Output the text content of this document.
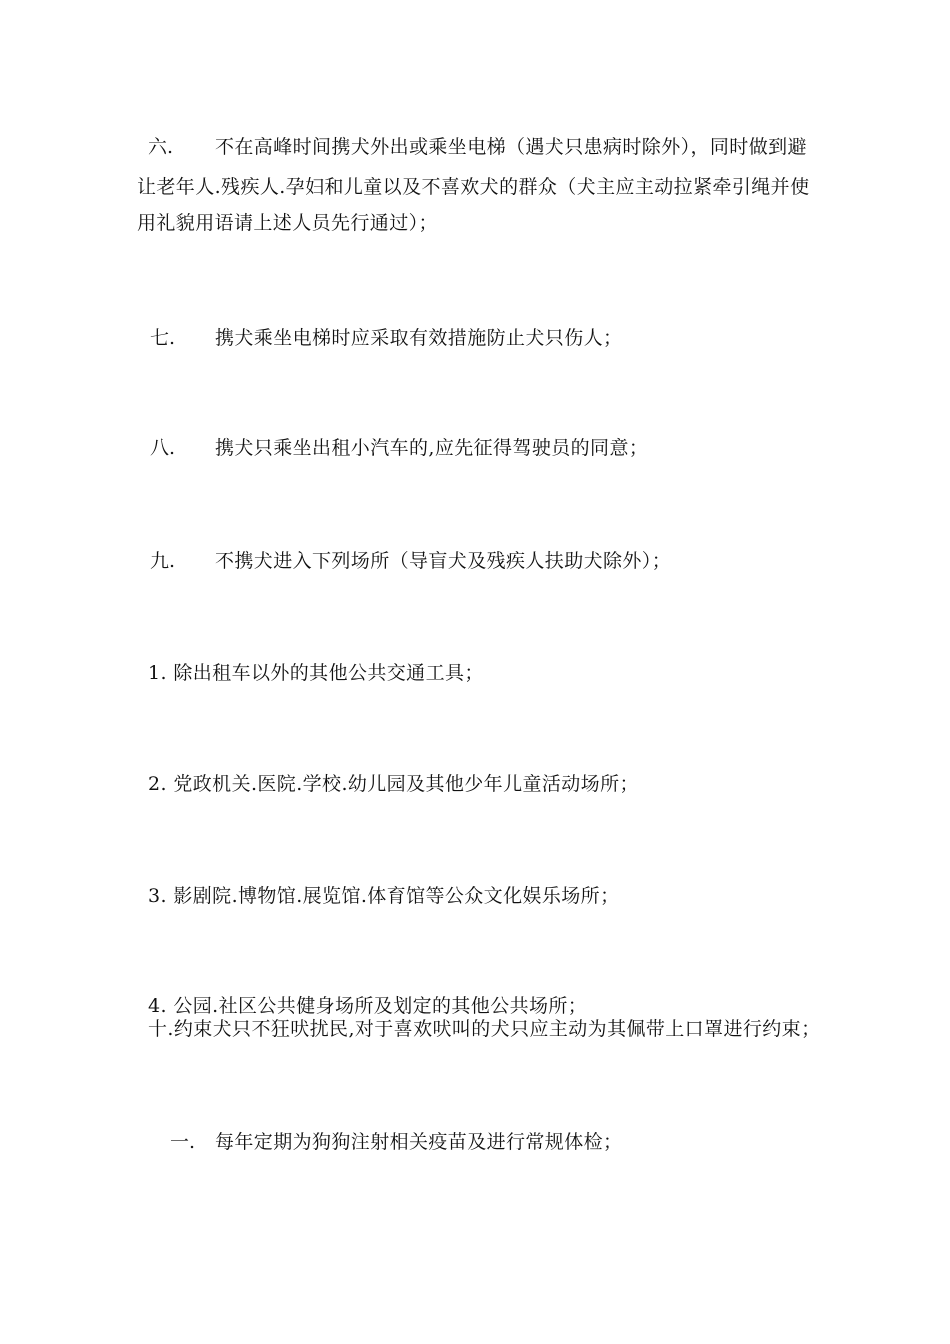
六. 不在高峰时间携犬外出或乘坐电梯（遇犬只患病时除外），同时做到避
让老年人.残疾人.孕妇和儿童以及不喜欢犬的群众（犬主应主动拉紧牵引绳并使
用礼貌用语请上述人员先行通过）；
七. 携犬乘坐电梯时应采取有效措施防止犬只伤人；
八. 携犬只乘坐出租小汽车的,应先征得驾驶员的同意；
九. 不携犬进入下列场所（导盲犬及残疾人扶助犬除外）；
1. 除出租车以外的其他公共交通工具；
2. 党政机关.医院.学校.幼儿园及其他少年儿童活动场所；
3. 影剧院.博物馆.展览馆.体育馆等公众文化娱乐场所；
4. 公园.社区公共健身场所及划定的其他公共场所；
十.约束犬只不狂吠扰民,对于喜欢吠叫的犬只应主动为其佩带上口罩进行约束；
一. 每年定期为狗狗注射相关疫苗及进行常规体检；
